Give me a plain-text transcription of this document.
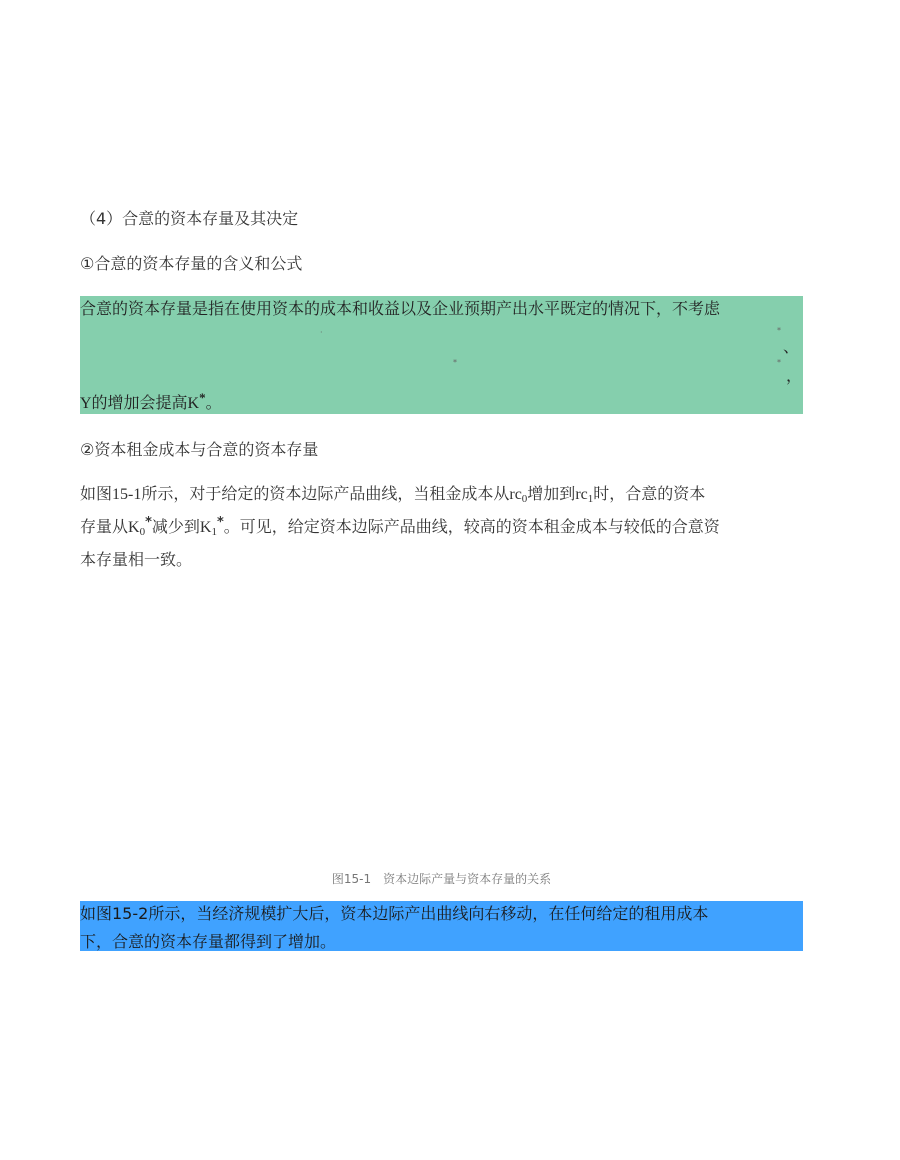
（4）合意的资本存量及其决定
①合意的资本存量的含义和公式
合意的资本存量是指在使用资本的成本和收益以及企业预期产出水平既定的情况下，不考虑
·	*
、
*	*
，
Y的增加会提高K*。
②资本租金成本与合意的资本存量
如图15-1所示，对于给定的资本边际产品曲线，当租金成本从$rc_0$增加到$rc_1$时，合意的资本
存量从$K_0^*$减少到$K_1^*$。可见，给定资本边际产品曲线，较高的资本租金成本与较低的合意资
本存量相一致。
图15-1　资本边际产量与资本存量的关系
如图15-2所示，当经济规模扩大后，资本边际产出曲线向右移动，在任何给定的租用成本
下，合意的资本存量都得到了增加。
